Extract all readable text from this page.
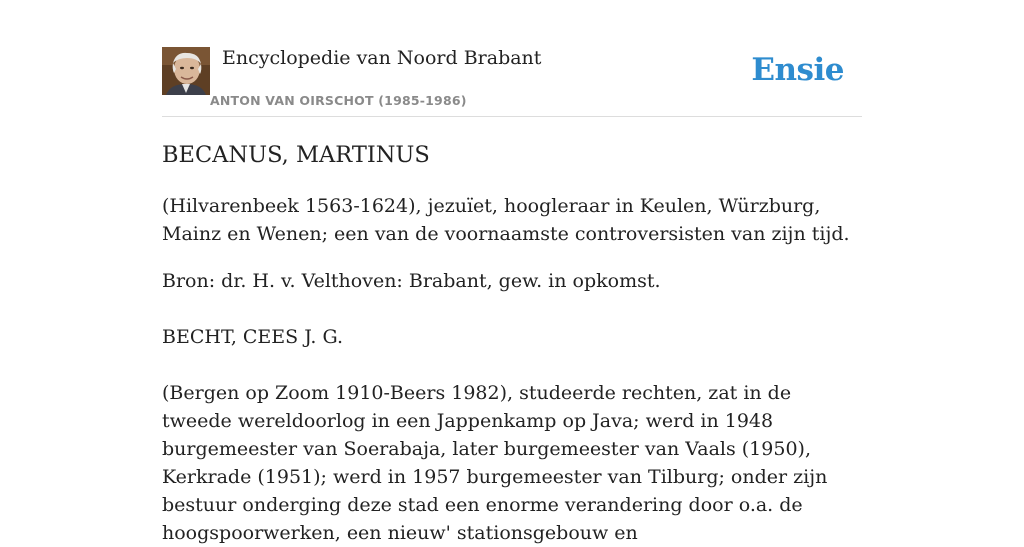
Encyclopedie van Noord Brabant
ANTON VAN OIRSCHOT (1985-1986)
Ensie
BECANUS, MARTINUS

(Hilvarenbeek 1563-1624), jezuïet, hoogleraar in Keulen, Würzburg, Mainz en Wenen; een van de voornaamste controversisten van zijn tijd.

Bron: dr. H. v. Velthoven: Brabant, gew. in opkomst.

BECHT, CEES J. G.

(Bergen op Zoom 1910-Beers 1982), studeerde rechten, zat in de tweede wereldoorlog in een Jappenkamp op Java; werd in 1948 burgemeester van Soerabaja, later burgemeester van Vaals (1950), Kerkrade (1951); werd in 1957 burgemeester van Tilburg; onder zijn bestuur onderging deze stad een enorme verandering door o.a. de hoogspoorwerken, een nieuw' stationsgebouw en
